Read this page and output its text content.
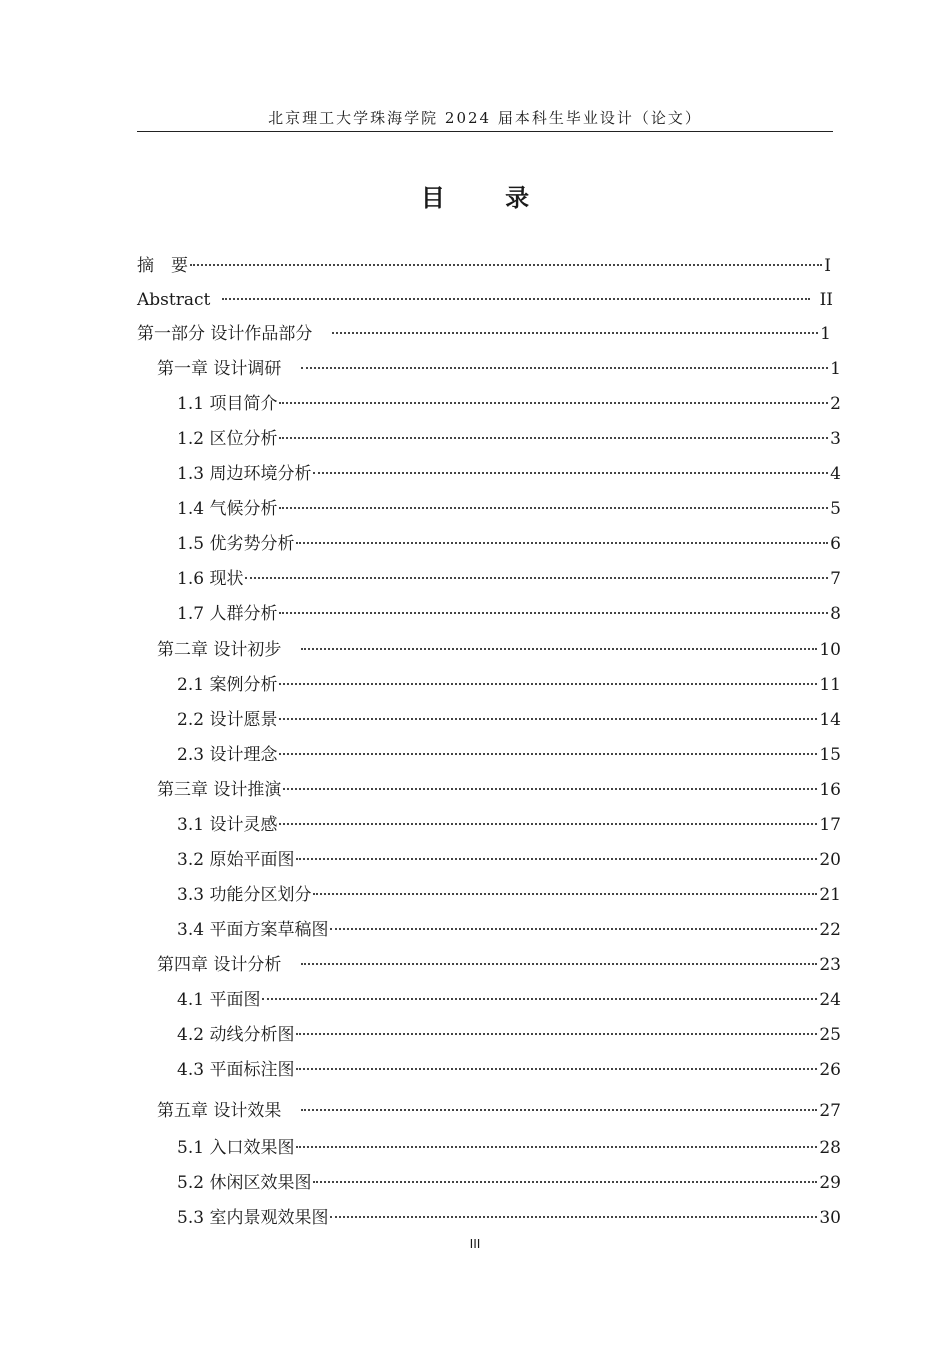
北京理工大学珠海学院 2024 届本科生毕业设计（论文）
目 录
摘　要	I
Abstract	II
第一部分 设计作品部分	1
第一章 设计调研	1
1.1 项目简介	2
1.2 区位分析	3
1.3 周边环境分析	4
1.4 气候分析	5
1.5 优劣势分析	6
1.6 现状	7
1.7 人群分析	8
第二章 设计初步	10
2.1 案例分析	11
2.2 设计愿景	14
2.3 设计理念	15
第三章 设计推演	16
3.1 设计灵感	17
3.2 原始平面图	20
3.3 功能分区划分	21
3.4 平面方案草稿图	22
第四章 设计分析	23
4.1 平面图	24
4.2 动线分析图	25
4.3 平面标注图	26
第五章 设计效果	27
5.1 入口效果图	28
5.2 休闲区效果图	29
5.3 室内景观效果图	30
III
